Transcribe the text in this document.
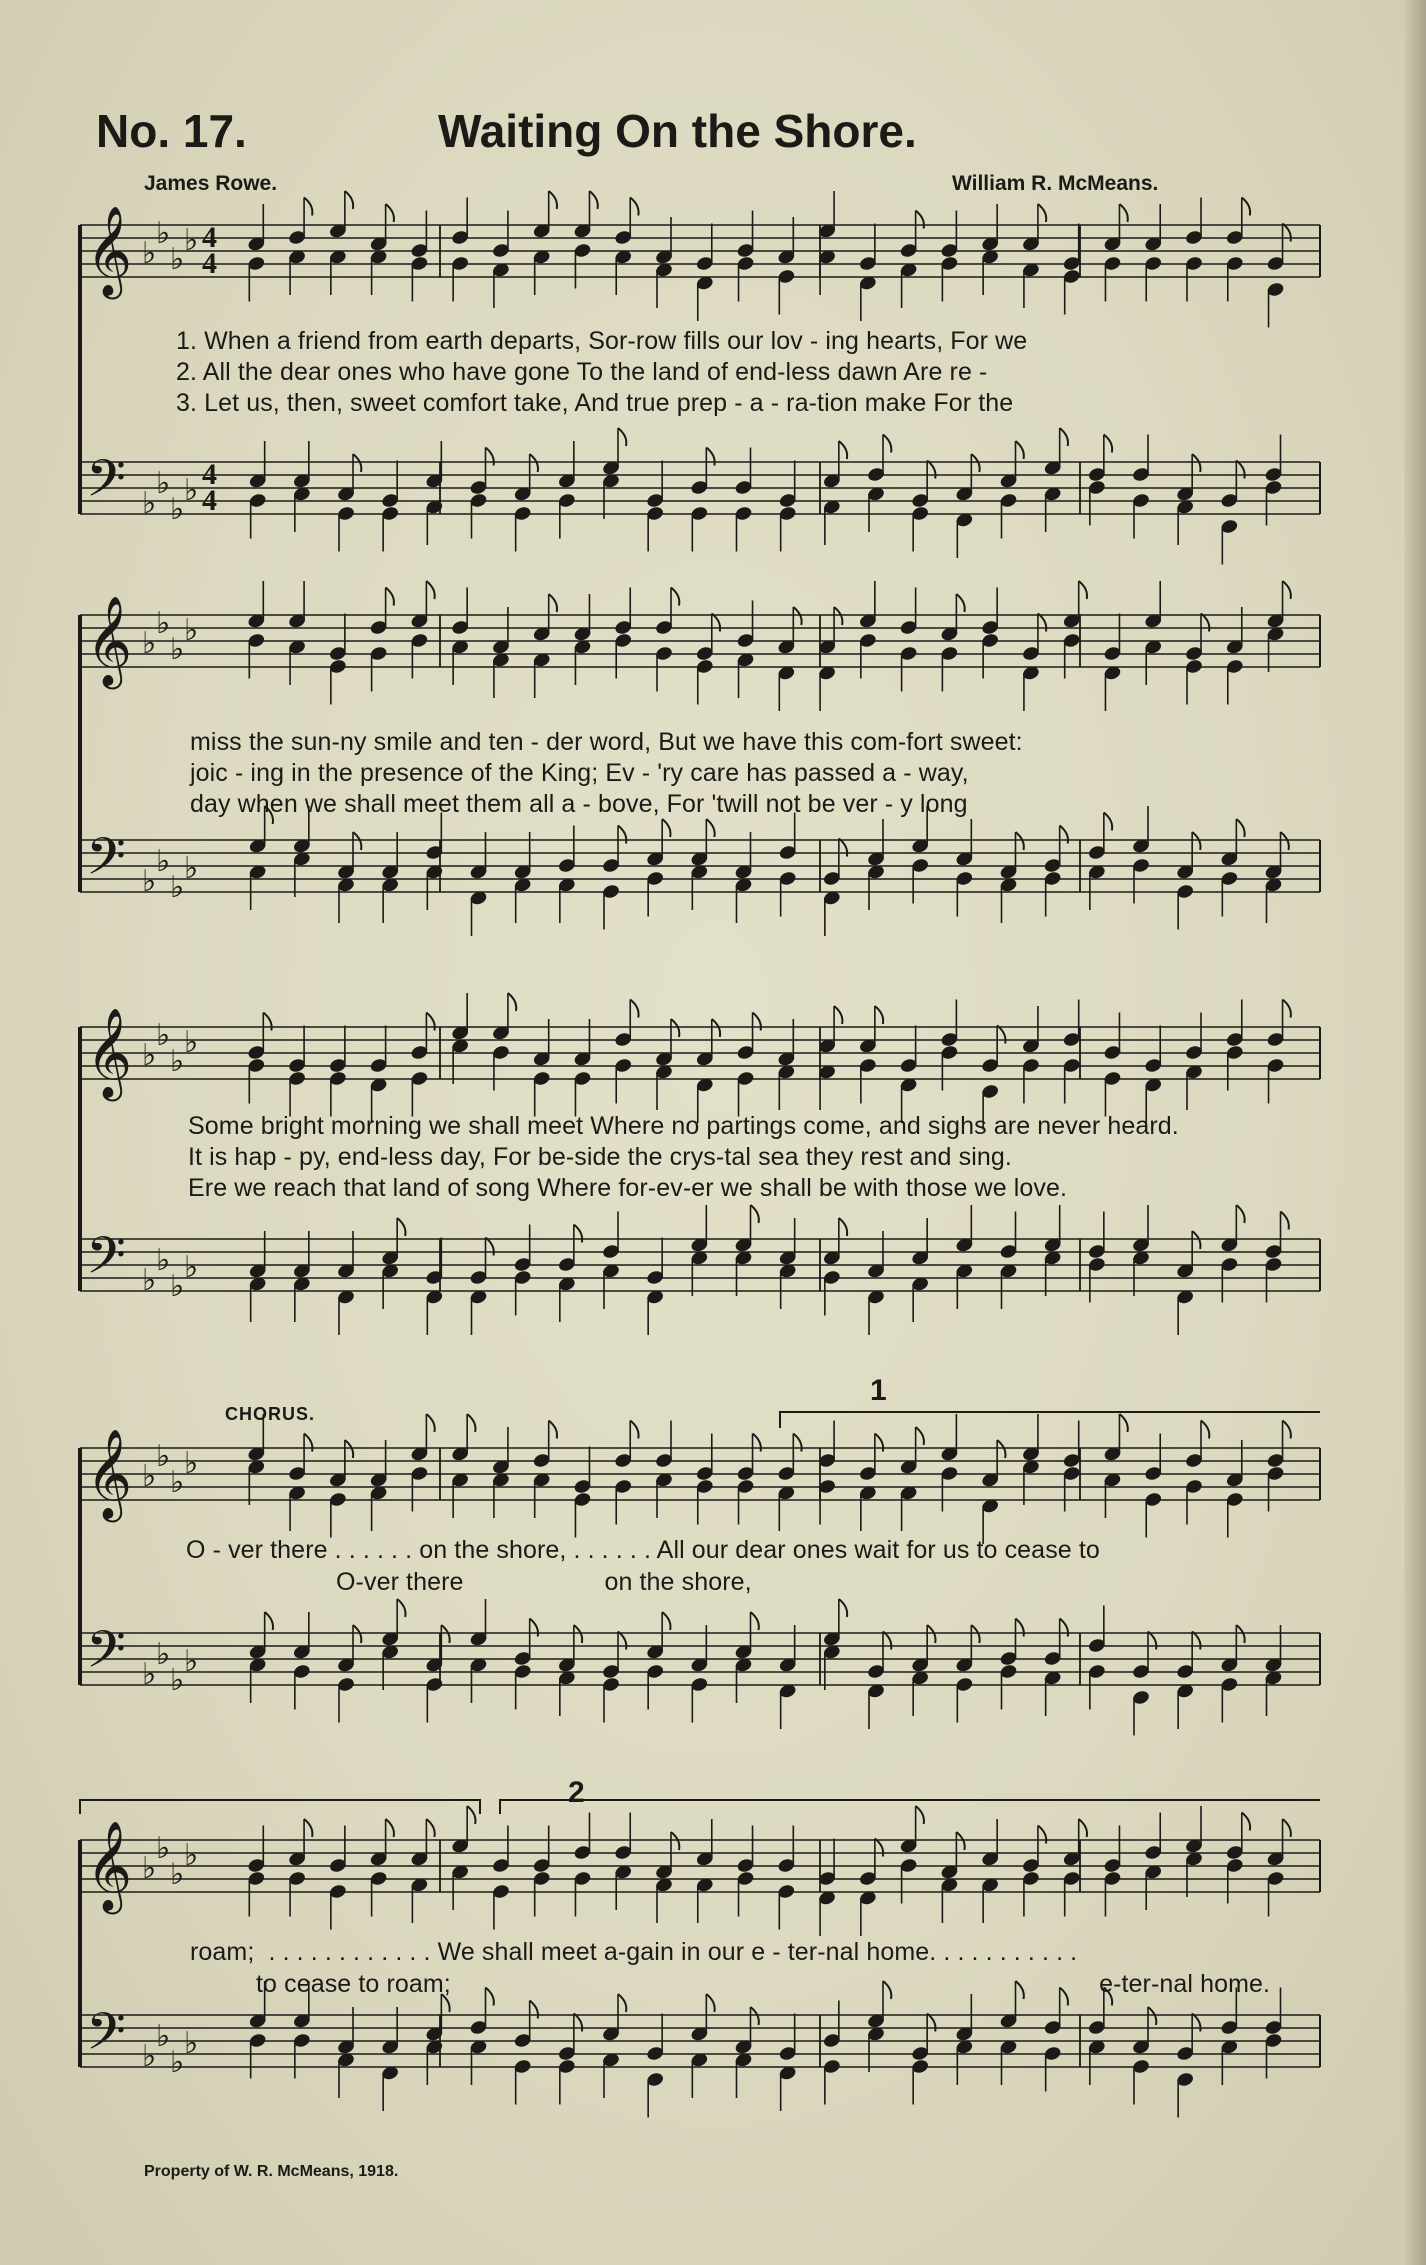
No. 17.	Waiting On the Shore.
James Rowe.	William R. McMeans.
𝄞
𝄢
♭
♭
♭
♭
♭
♭
♭
♭
4
4
4
4
1. When a friend from earth departs, Sor-row fills our lov - ing hearts, For we
2. All the dear ones who have gone To the land of end-less dawn Are re -
3. Let us, then, sweet comfort take, And true prep - a - ra-tion make For the
𝄞
𝄢
♭
♭
♭
♭
♭
♭
♭
♭
miss the sun-ny smile and ten - der word, But we have this com-fort sweet:
joic - ing in the presence of the King; Ev - 'ry care has passed a - way,
day when we shall meet them all a - bove, For 'twill not be ver - y long
𝄞
𝄢
♭
♭
♭
♭
♭
♭
♭
♭
Some bright morning we shall meet Where no partings come, and sighs are never heard.
It is hap - py, end-less day, For be-side the crys-tal sea they rest and sing.
Ere we reach that land of song Where for-ev-er we shall be with those we love.
CHORUS.
1
𝄞
𝄢
♭
♭
♭
♭
♭
♭
♭
♭
O - ver there . . . . . . on the shore, . . . . . . All our dear ones wait for us to cease to
O-ver there                    on the shore,
2
𝄞
𝄢
♭
♭
♭
♭
♭
♭
♭
♭
roam;  . . . . . . . . . . . . We shall meet a-gain in our e - ter-nal home. . . . . . . . . . .
to cease to roam;                                                                                            e-ter-nal home.
Property of W. R. McMeans, 1918.
